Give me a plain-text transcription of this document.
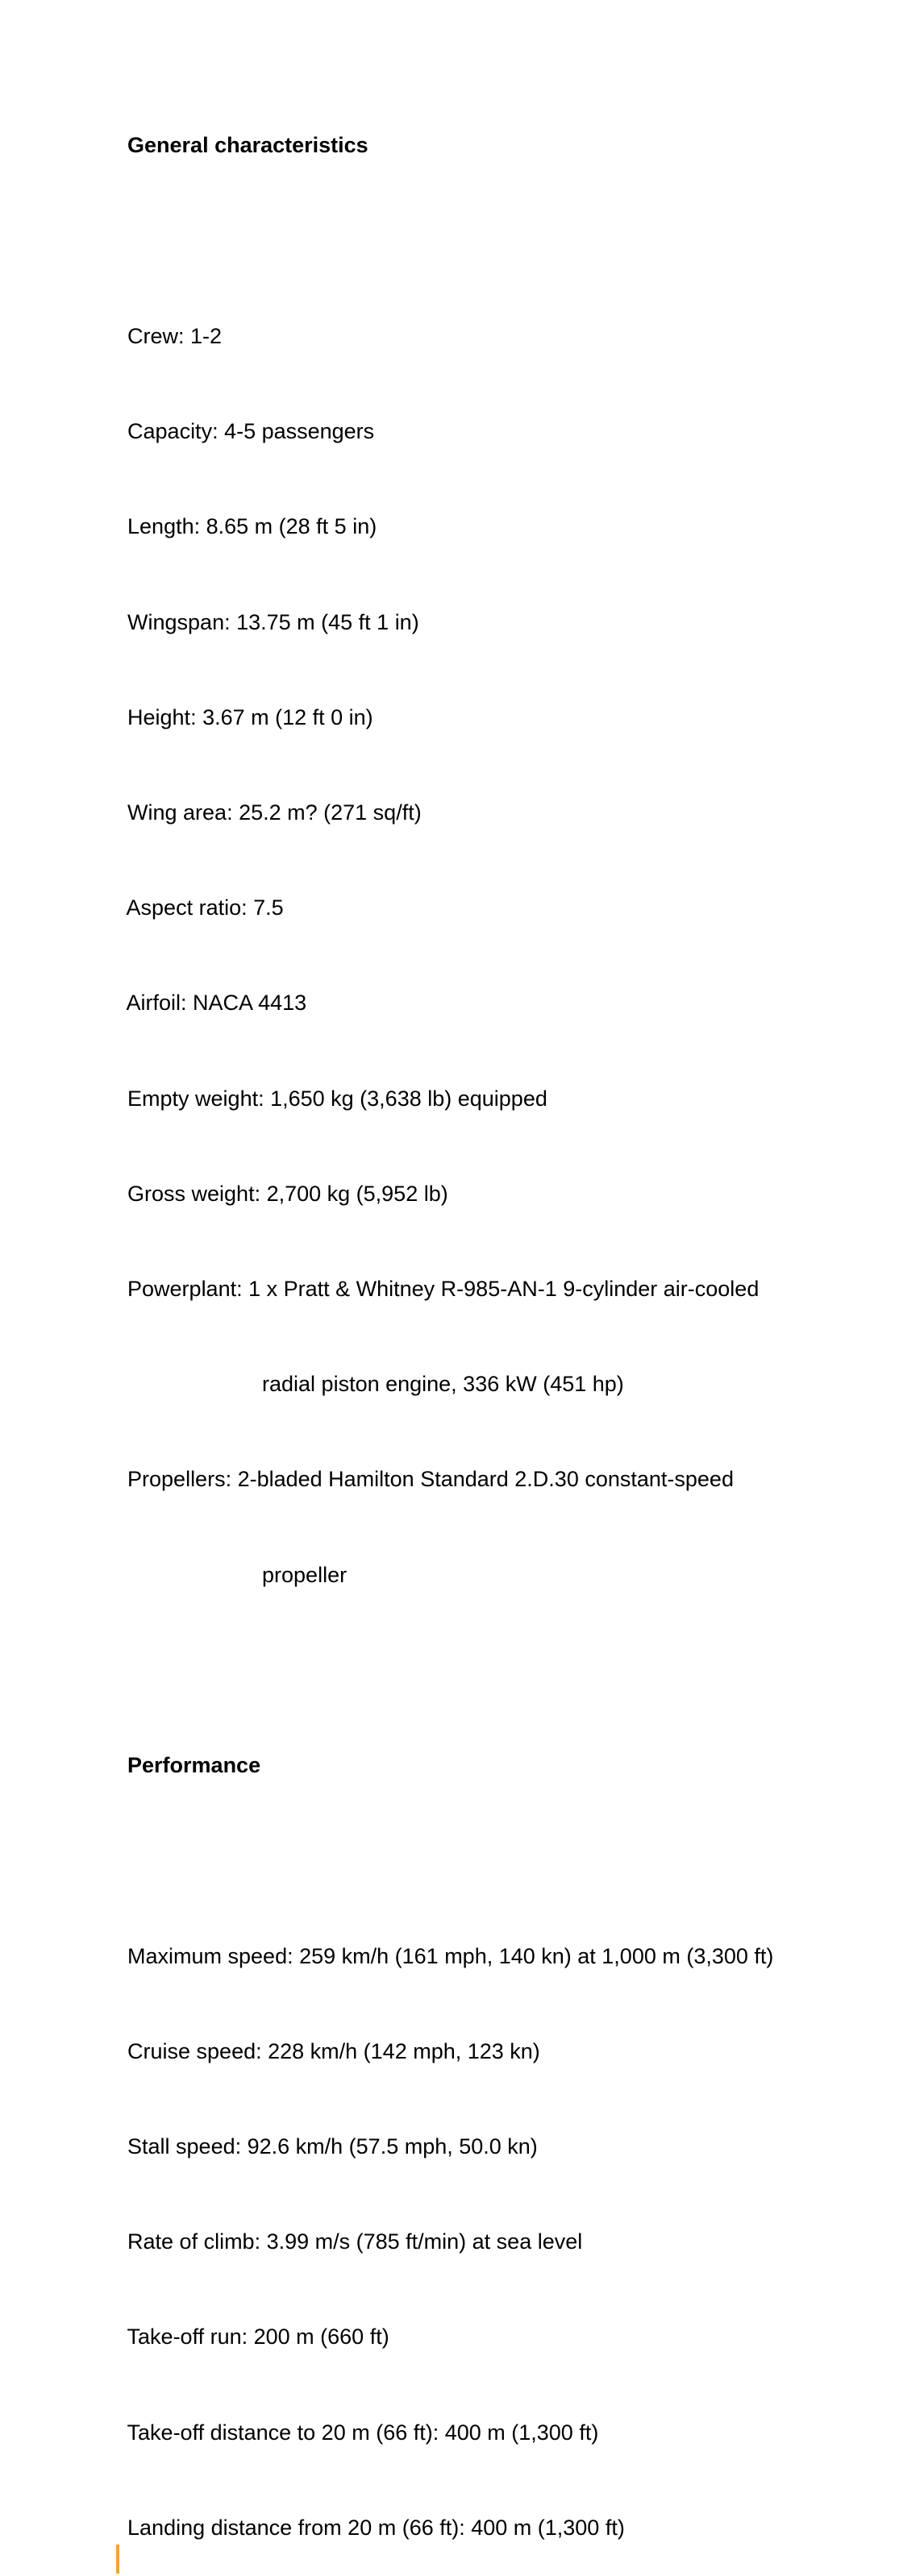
General characteristics

Crew: 1-2

Capacity: 4-5 passengers

Length: 8.65 m (28 ft 5 in)

Wingspan: 13.75 m (45 ft 1 in)

Height: 3.67 m (12 ft 0 in)

Wing area: 25.2 m? (271 sq/ft)

Aspect ratio: 7.5

Airfoil: NACA 4413

Empty weight: 1,650 kg (3,638 lb) equipped

Gross weight: 2,700 kg (5,952 lb)

Powerplant: 1 x Pratt & Whitney R-985-AN-1 9-cylinder air-cooled

radial piston engine, 336 kW (451 hp)

Propellers: 2-bladed Hamilton Standard 2.D.30 constant-speed

propeller

Performance

Maximum speed: 259 km/h (161 mph, 140 kn) at 1,000 m (3,300 ft)

Cruise speed: 228 km/h (142 mph, 123 kn)

Stall speed: 92.6 km/h (57.5 mph, 50.0 kn)

Rate of climb: 3.99 m/s (785 ft/min) at sea level

Take-off run: 200 m (660 ft)

Take-off distance to 20 m (66 ft): 400 m (1,300 ft)

Landing distance from 20 m (66 ft): 400 m (1,300 ft)
